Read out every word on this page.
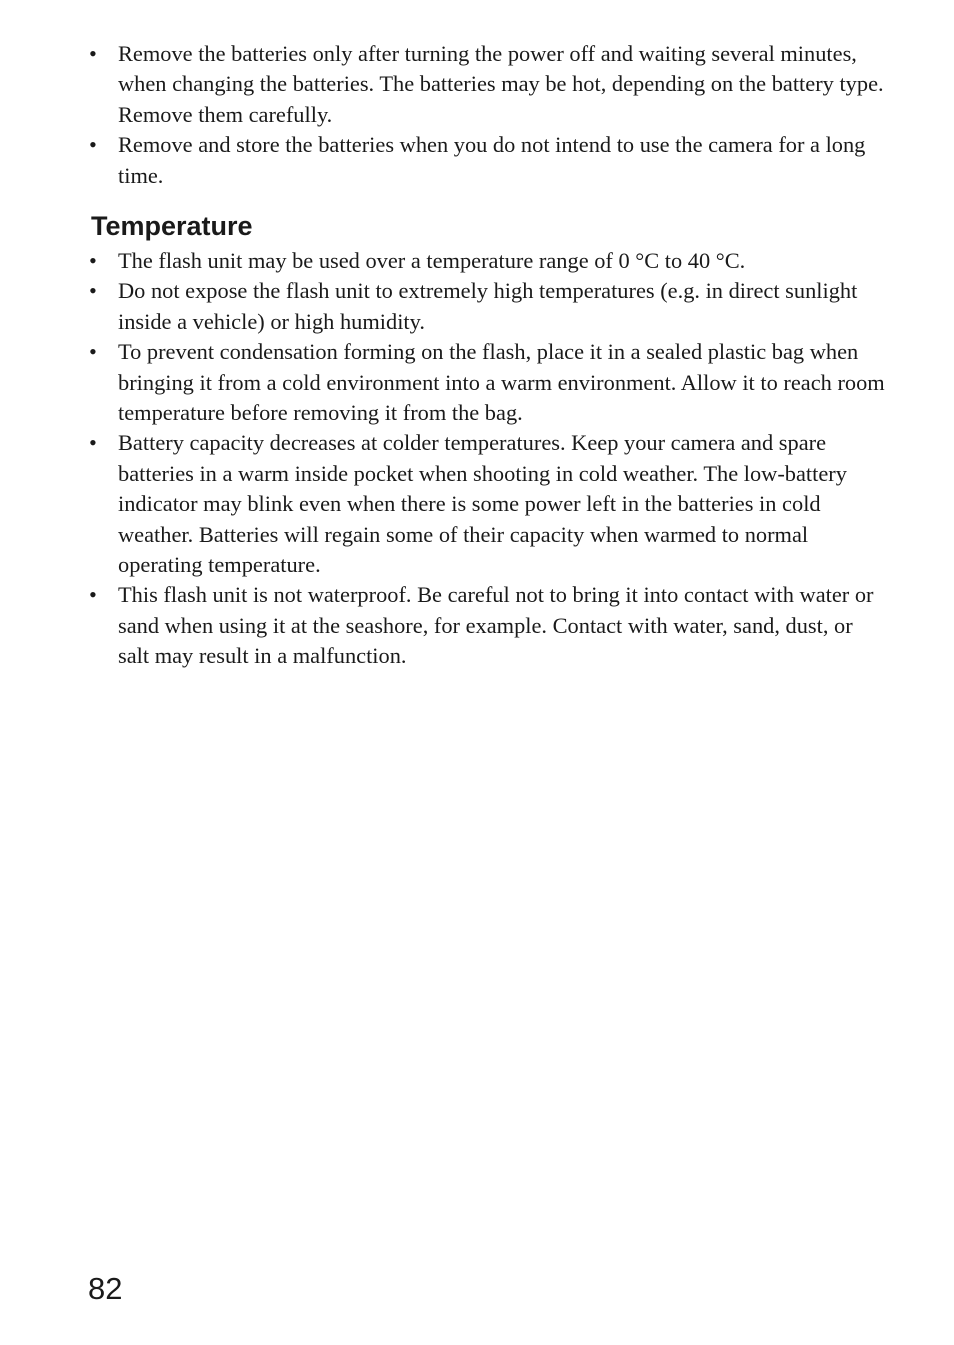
• Remove the batteries only after turning the power off and waiting several minutes, when changing the batteries. The batteries may be hot, depending on the battery type. Remove them carefully.
• Remove and store the batteries when you do not intend to use the camera for a long time.
Temperature
• The flash unit may be used over a temperature range of 0 °C to 40 °C.
• Do not expose the flash unit to extremely high temperatures (e.g. in direct sunlight inside a vehicle) or high humidity.
• To prevent condensation forming on the flash, place it in a sealed plastic bag when bringing it from a cold environment into a warm environment. Allow it to reach room temperature before removing it from the bag.
• Battery capacity decreases at colder temperatures. Keep your camera and spare batteries in a warm inside pocket when shooting in cold weather. The low-battery indicator may blink even when there is some power left in the batteries in cold weather. Batteries will regain some of their capacity when warmed to normal operating temperature.
• This flash unit is not waterproof. Be careful not to bring it into contact with water or sand when using it at the seashore, for example. Contact with water, sand, dust, or salt may result in a malfunction.
82
